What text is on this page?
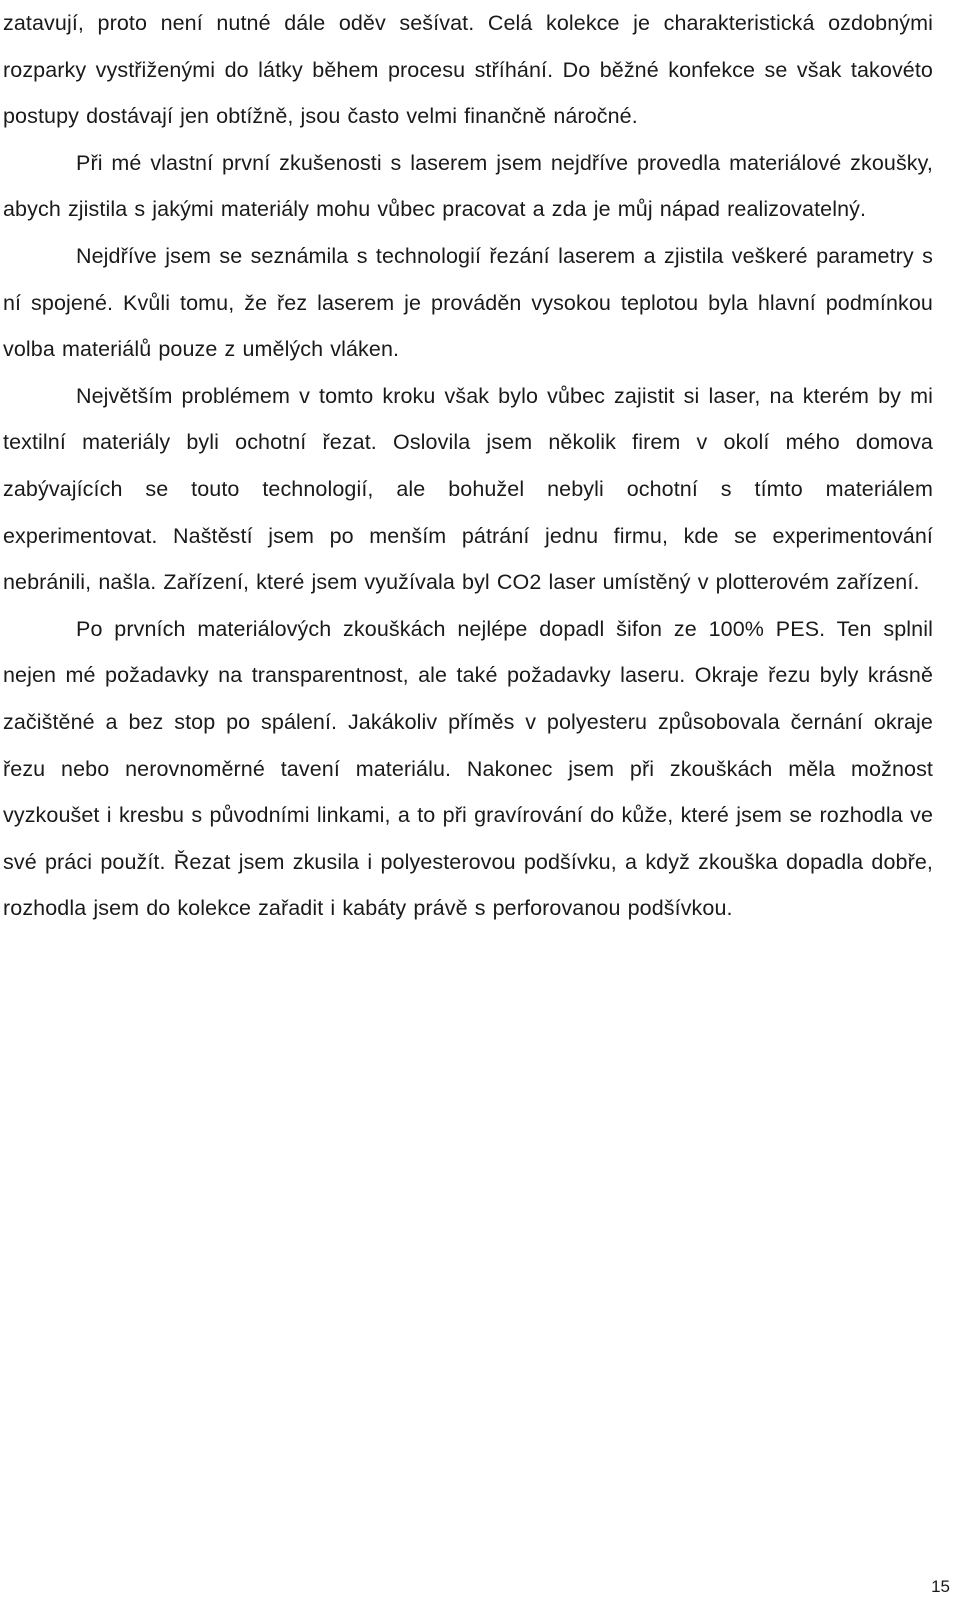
zatavují, proto není nutné dále oděv sešívat. Celá kolekce je charakteristická ozdobnými rozparky vystřiženými do látky během procesu stříhání. Do běžné konfekce se však takovéto postupy dostávají jen obtížně, jsou často velmi finančně náročné.

Při mé vlastní první zkušenosti s laserem jsem nejdříve provedla materiálové zkoušky, abych zjistila s jakými materiály mohu vůbec pracovat a zda je můj nápad realizovatelný.

Nejdříve jsem se seznámila s technologií řezání laserem a zjistila veškeré parametry s ní spojené. Kvůli tomu, že řez laserem je prováděn vysokou teplotou byla hlavní podmínkou volba materiálů pouze z umělých vláken.

Největším problémem v tomto kroku však bylo vůbec zajistit si laser, na kterém by mi textilní materiály byli ochotní řezat. Oslovila jsem několik firem v okolí mého domova zabývajících se touto technologií, ale bohužel nebyli ochotní s tímto materiálem experimentovat. Naštěstí jsem po menším pátrání jednu firmu, kde se experimentování nebránili, našla. Zařízení, které jsem využívala byl CO2 laser umístěný v plotterovém zařízení.

Po prvních materiálových zkouškách nejlépe dopadl šifon ze 100% PES. Ten splnil nejen mé požadavky na transparentnost, ale také požadavky laseru. Okraje řezu byly krásně začištěné a bez stop po spálení. Jakákoliv příměs v polyesteru způsobovala černání okraje řezu nebo nerovnoměrné tavení materiálu. Nakonec jsem při zkouškách měla možnost vyzkoušet i kresbu s původními linkami, a to při gravírování do kůže, které jsem se rozhodla ve své práci použít. Řezat jsem zkusila i polyesterovou podšívku, a když zkouška dopadla dobře, rozhodla jsem do kolekce zařadit i kabáty právě s perforovanou podšívkou.

15
